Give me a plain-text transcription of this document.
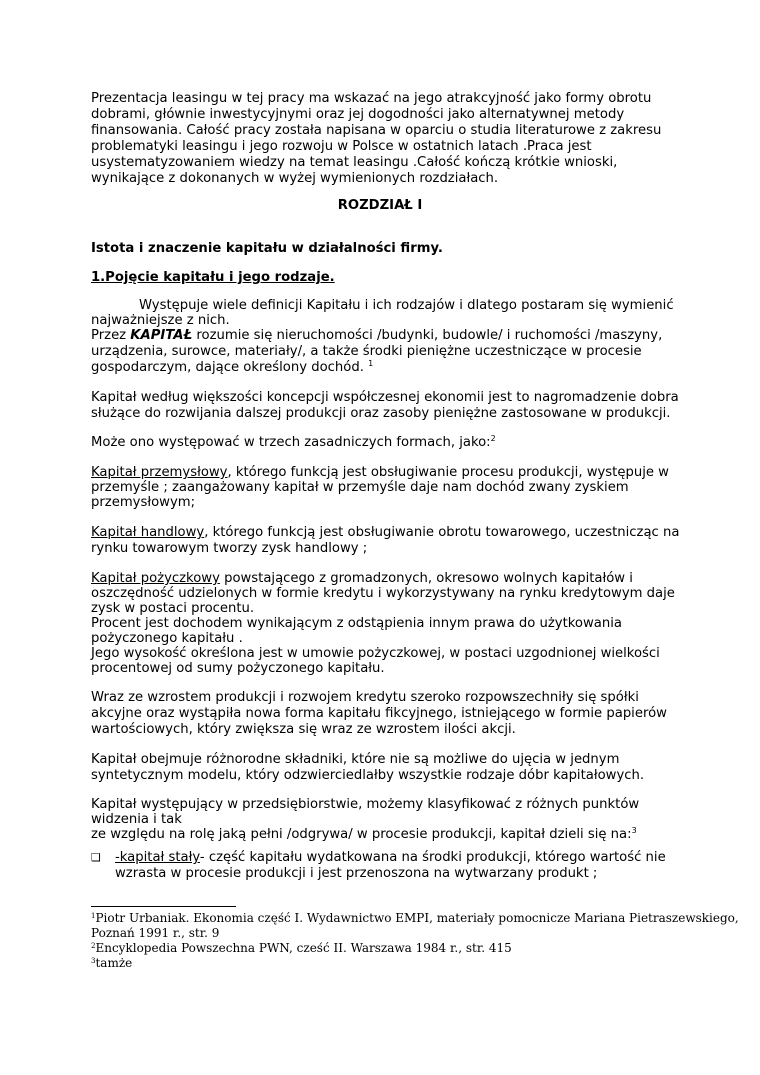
Prezentacja leasingu w tej pracy ma wskazać na jego atrakcyjność jako formy obrotu
dobrami, głównie inwestycyjnymi oraz jej dogodności jako alternatywnej metody
finansowania. Całość pracy została napisana w oparciu o studia literaturowe z zakresu
problematyki leasingu i jego rozwoju w Polsce w ostatnich latach .Praca jest
usystematyzowaniem wiedzy na temat leasingu .Całość kończą krótkie wnioski,
wynikające z dokonanych w wyżej wymienionych rozdziałach.
ROZDZIAŁ I
Istota i znaczenie kapitału w działalności firmy.
1.Pojęcie kapitału i jego rodzaje.
Występuje wiele definicji Kapitału i ich rodzajów i dlatego postaram się wymienić
najważniejsze z nich.
Przez KAPITAŁ rozumie się nieruchomości /budynki, budowle/ i ruchomości /maszyny,
urządzenia, surowce, materiały/, a także środki pieniężne uczestniczące w procesie
gospodarczym, dające określony dochód. $^1$
Kapitał według większości koncepcji współczesnej ekonomii jest to nagromadzenie dobra
służące do rozwijania dalszej produkcji oraz zasoby pieniężne zastosowane w produkcji.
Może ono występować w trzech zasadniczych formach, jako:$^2$
Kapitał przemysłowy, którego funkcją jest obsługiwanie procesu produkcji, występuje w
przemyśle ; zaangażowany kapitał w przemyśle daje nam dochód zwany zyskiem
przemysłowym;
Kapitał handlowy, którego funkcją jest obsługiwanie obrotu towarowego, uczestnicząc na
rynku towarowym tworzy zysk handlowy ;
Kapitał pożyczkowy powstającego z gromadzonych, okresowo wolnych kapitałów i
oszczędność udzielonych w formie kredytu i wykorzystywany na rynku kredytowym daje
zysk w postaci procentu.
Procent jest dochodem wynikającym z odstąpienia innym prawa do użytkowania
pożyczonego kapitału .
Jego wysokość określona jest w umowie pożyczkowej, w postaci uzgodnionej wielkości
procentowej od sumy pożyczonego kapitału.
Wraz ze wzrostem produkcji i rozwojem kredytu szeroko rozpowszechniły się spółki
akcyjne oraz wystąpiła nowa forma kapitału fikcyjnego, istniejącego w formie papierów
wartościowych, który zwiększa się wraz ze wzrostem ilości akcji.
Kapitał obejmuje różnorodne składniki, które nie są możliwe do ujęcia w jednym
syntetycznym modelu, który odzwierciedlałby wszystkie rodzaje dóbr kapitałowych.
Kapitał występujący w przedsiębiorstwie, możemy klasyfikować z różnych punktów
widzenia i tak
ze względu na rolę jaką pełni /odgrywa/ w procesie produkcji, kapitał dzieli się na:$^3$
❑ -kapitał stały- część kapitału wydatkowana na środki produkcji, którego wartość nie
wzrasta w procesie produkcji i jest przenoszona na wytwarzany produkt ;
$^1$Piotr Urbaniak. Ekonomia część I. Wydawnictwo EMPI, materiały pomocnicze Mariana Pietraszewskiego,
Poznań 1991 r., str. 9
$^2$Encyklopedia Powszechna PWN, cześć II. Warszawa 1984 r., str. 415
$^3$tamże
